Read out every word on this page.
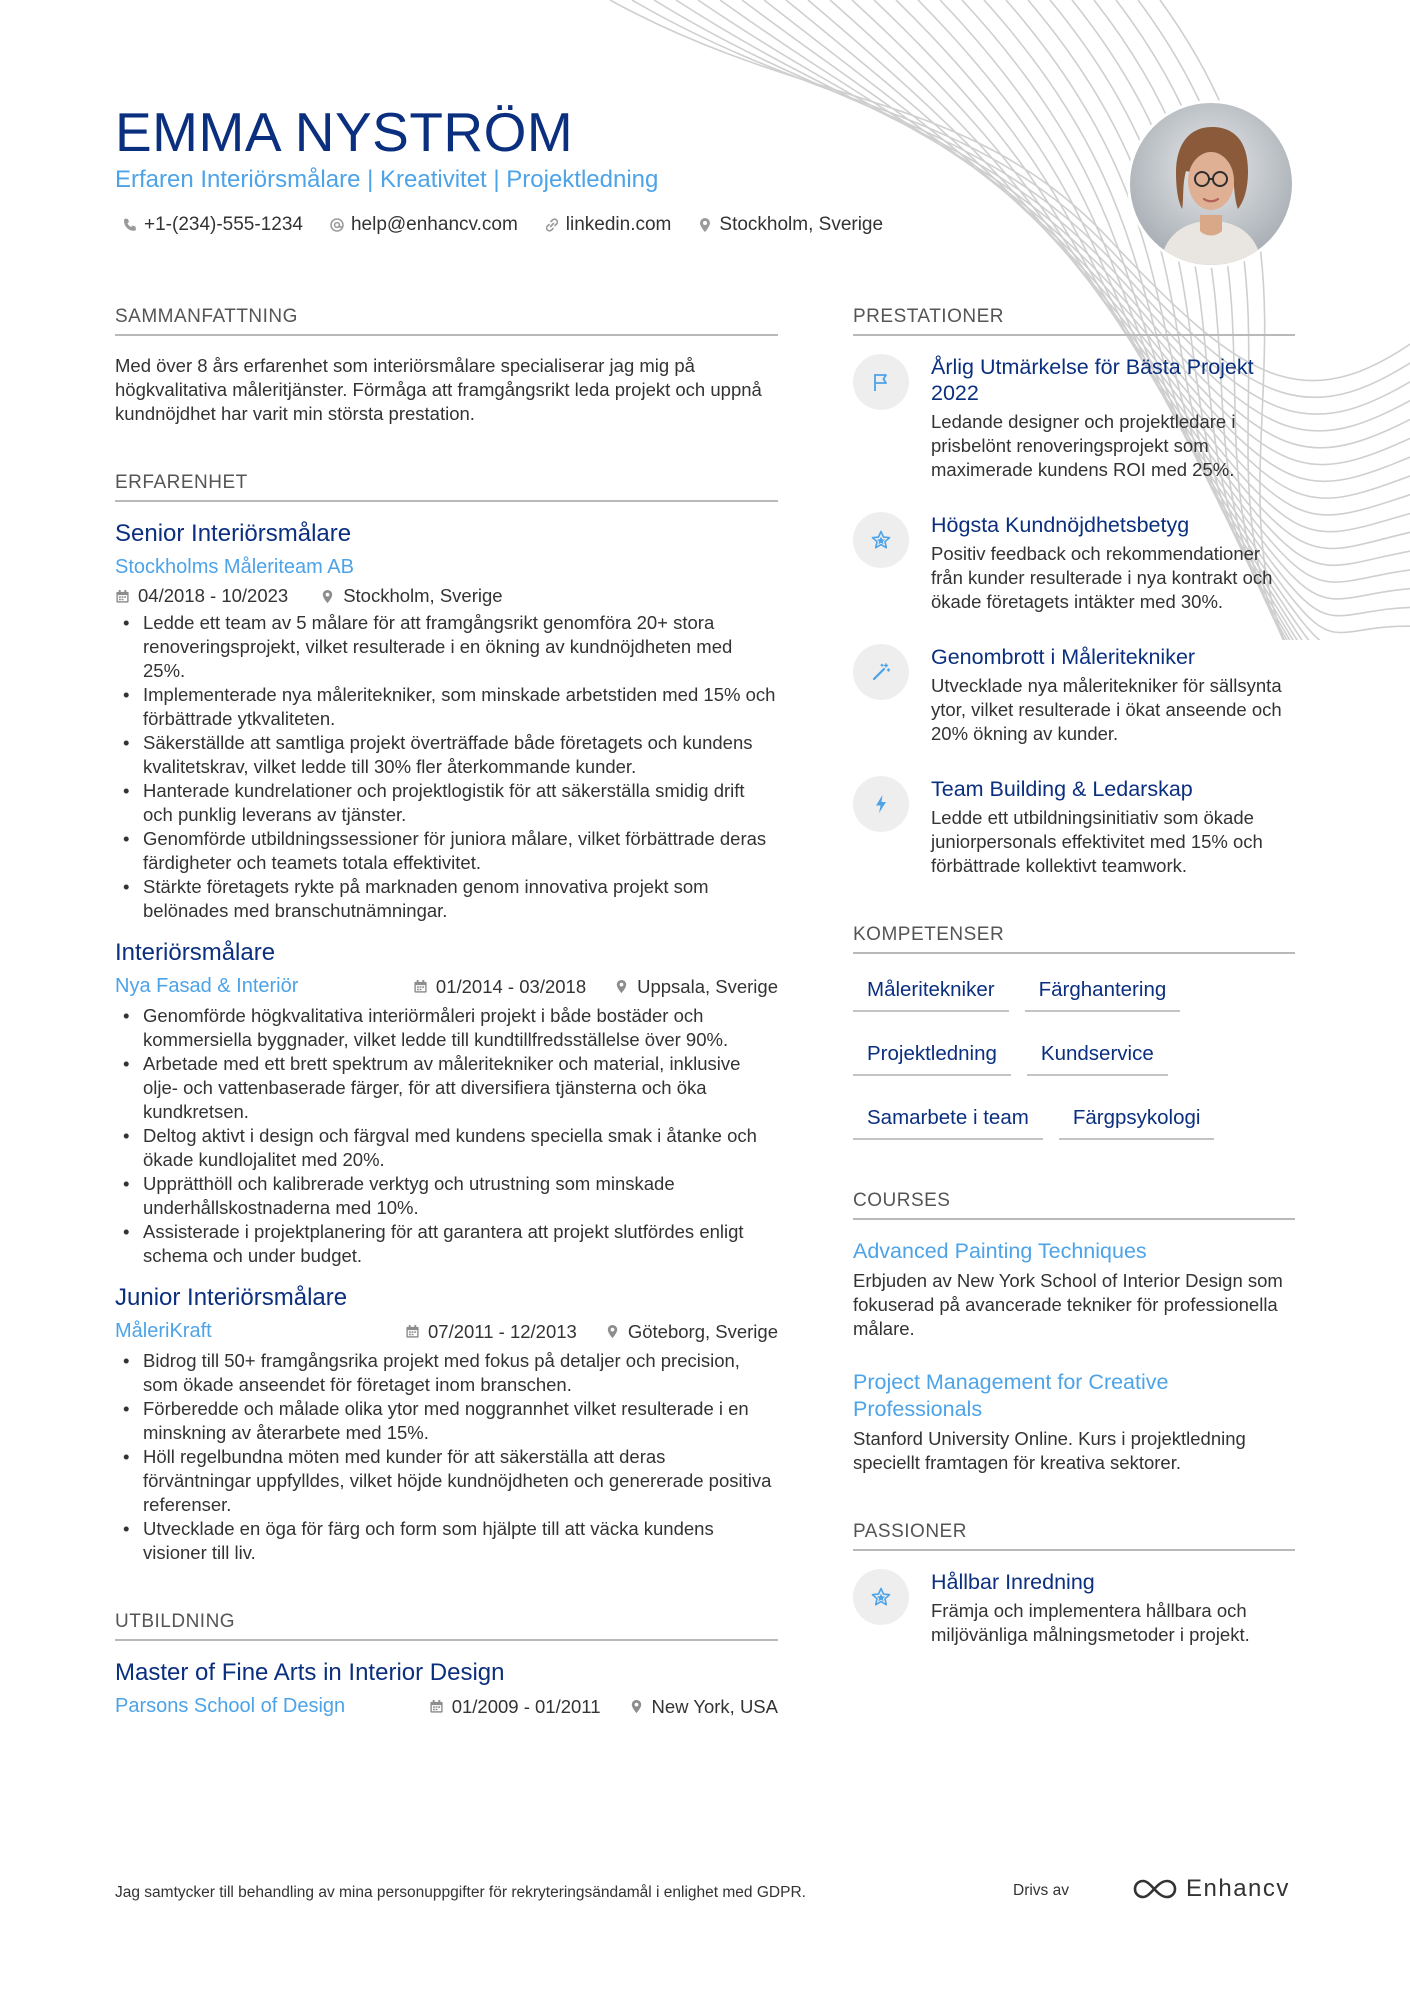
EMMA NYSTRÖM
Erfaren Interiörsmålare | Kreativitet | Projektledning
+1-(234)-555-1234	help@enhancv.com	linkedin.com	Stockholm, Sverige
SAMMANFATTNING

Med över 8 års erfarenhet som interiörsmålare specialiserar jag mig på högkvalitativa måleritjänster. Förmåga att framgångsrikt leda projekt och uppnå kundnöjdhet har varit min största prestation.

ERFARENHET
Senior Interiörsmålare
Stockholms Måleriteam AB
04/2018 - 10/2023	Stockholm, Sverige
• Ledde ett team av 5 målare för att framgångsrikt genomföra 20+ stora renoveringsprojekt, vilket resulterade i en ökning av kundnöjdheten med 25%.
• Implementerade nya måleritekniker, som minskade arbetstiden med 15% och förbättrade ytkvaliteten.
• Säkerställde att samtliga projekt överträffade både företagets och kundens kvalitetskrav, vilket ledde till 30% fler återkommande kunder.
• Hanterade kundrelationer och projektlogistik för att säkerställa smidig drift och punklig leverans av tjänster.
• Genomförde utbildningssessioner för juniora målare, vilket förbättrade deras färdigheter och teamets totala effektivitet.
• Stärkte företagets rykte på marknaden genom innovativa projekt som belönades med branschutnämningar.
Interiörsmålare
Nya Fasad & Interiör	01/2014 - 03/2018	Uppsala, Sverige
• Genomförde högkvalitativa interiörmåleri projekt i både bostäder och kommersiella byggnader, vilket ledde till kundtillfredsställelse över 90%.
• Arbetade med ett brett spektrum av måleritekniker och material, inklusive olje- och vattenbaserade färger, för att diversifiera tjänsterna och öka kundkretsen.
• Deltog aktivt i design och färgval med kundens speciella smak i åtanke och ökade kundlojalitet med 20%.
• Upprätthöll och kalibrerade verktyg och utrustning som minskade underhållskostnaderna med 10%.
• Assisterade i projektplanering för att garantera att projekt slutfördes enligt schema och under budget.
Junior Interiörsmålare
MåleriKraft	07/2011 - 12/2013	Göteborg, Sverige
• Bidrog till 50+ framgångsrika projekt med fokus på detaljer och precision, som ökade anseendet för företaget inom branschen.
• Förberedde och målade olika ytor med noggrannhet vilket resulterade i en minskning av återarbete med 15%.
• Höll regelbundna möten med kunder för att säkerställa att deras förväntningar uppfylldes, vilket höjde kundnöjdheten och genererade positiva referenser.
• Utvecklade en öga för färg och form som hjälpte till att väcka kundens visioner till liv.
UTBILDNING
Master of Fine Arts in Interior Design
Parsons School of Design	01/2009 - 01/2011	New York, USA
PRESTATIONER
Årlig Utmärkelse för Bästa Projekt 2022
Ledande designer och projektledare i prisbelönt renoveringsprojekt som maximerade kundens ROI med 25%.
Högsta Kundnöjdhetsbetyg
Positiv feedback och rekommendationer från kunder resulterade i nya kontrakt och ökade företagets intäkter med 30%.
Genombrott i Måleritekniker
Utvecklade nya måleritekniker för sällsynta ytor, vilket resulterade i ökat anseende och 20% ökning av kunder.
Team Building & Ledarskap
Ledde ett utbildningsinitiativ som ökade juniorpersonals effektivitet med 15% och förbättrade kollektivt teamwork.
KOMPETENSER
Måleritekniker	Färghantering
Projektledning	Kundservice
Samarbete i team	Färgpsykologi
COURSES
Advanced Painting Techniques
Erbjuden av New York School of Interior Design som fokuserad på avancerade tekniker för professionella målare.
Project Management for Creative Professionals
Stanford University Online. Kurs i projektledning speciellt framtagen för kreativa sektorer.
PASSIONER
Hållbar Inredning
Främja och implementera hållbara och miljövänliga målningsmetoder i projekt.
Jag samtycker till behandling av mina personuppgifter för rekryteringsändamål i enlighet med GDPR.	Drivs av	Enhancv
